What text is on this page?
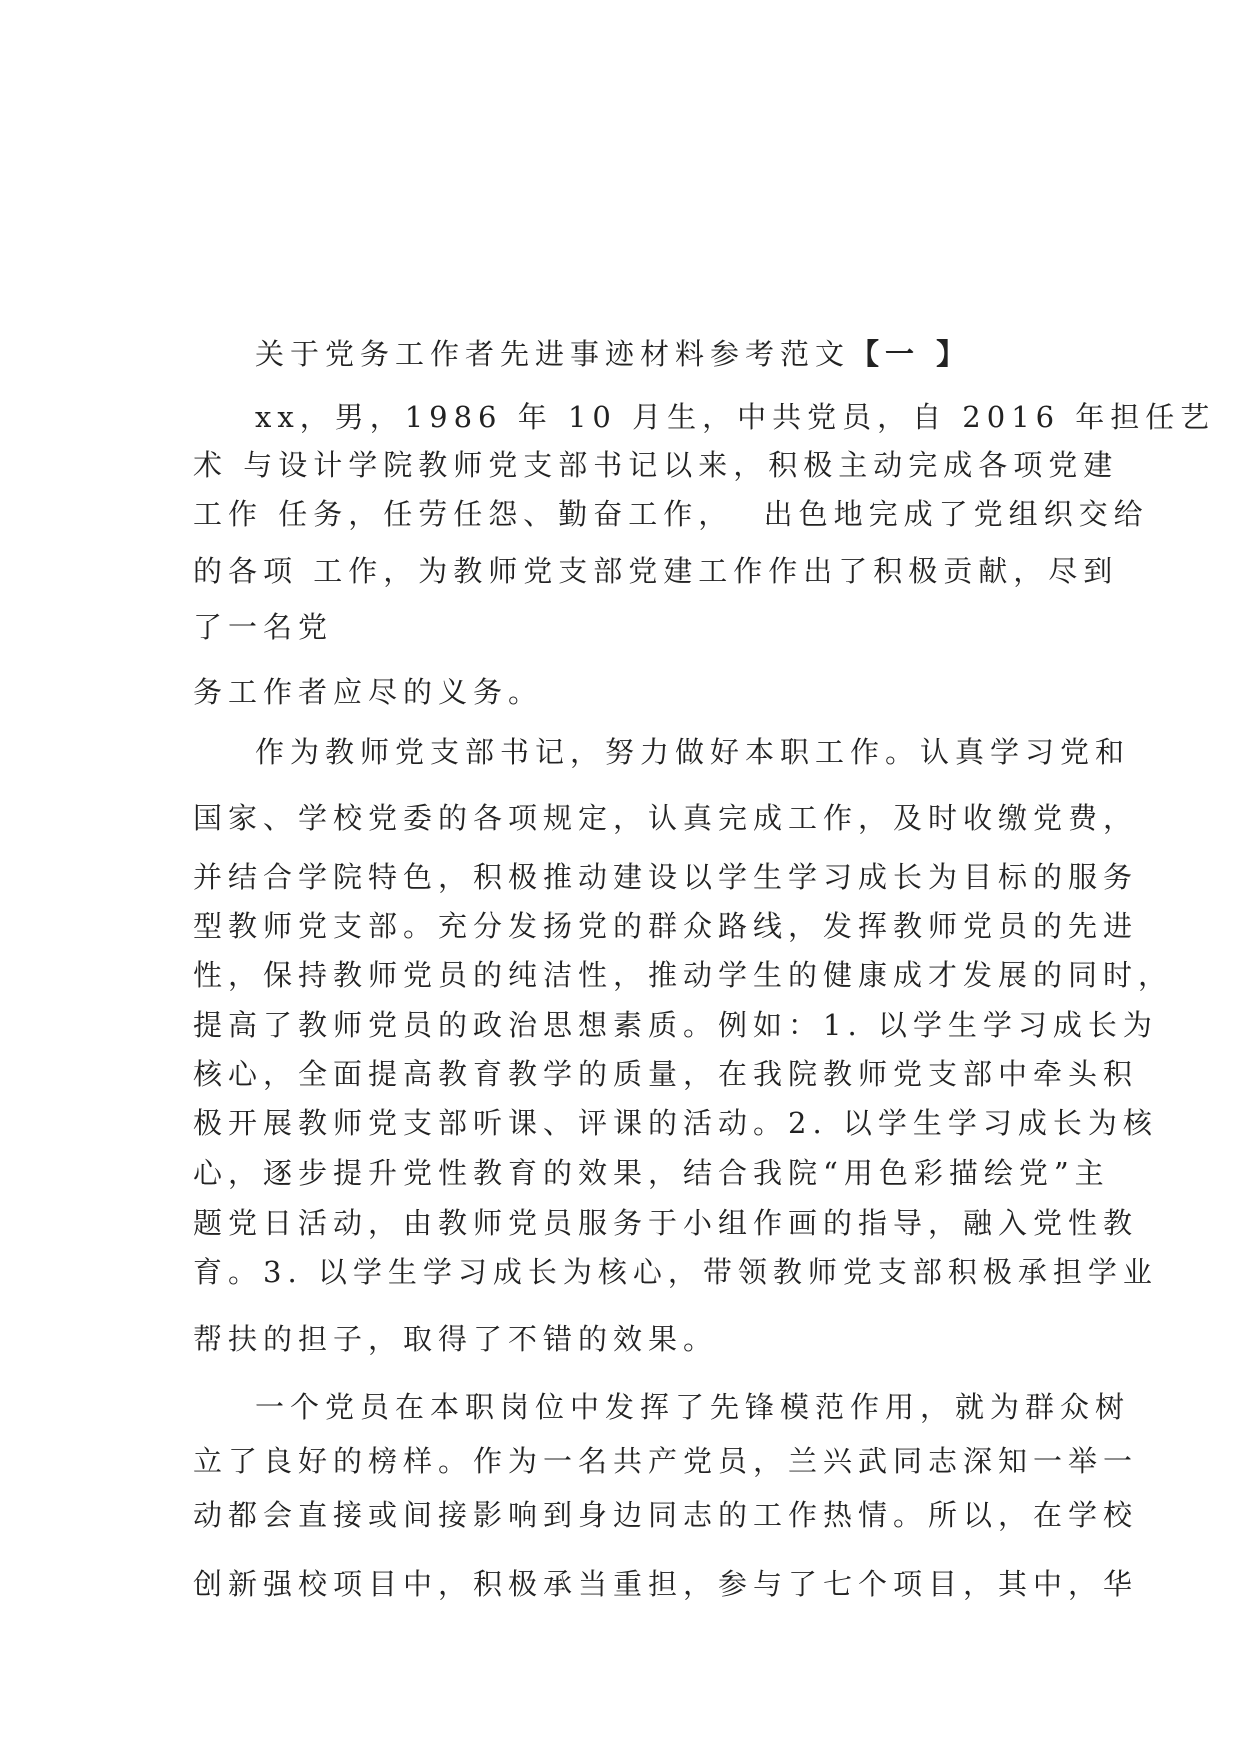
关于党务工作者先进事迹材料参考范文【一 】
xx，男，1986 年 10 月生，中共党员，自 2016 年担任艺
术 与设计学院教师党支部书记以来，积极主动完成各项党建
工作 任务，任劳任怨、勤奋工作，  出色地完成了党组织交给
的各项 工作，为教师党支部党建工作作出了积极贡献，尽到
了一名党
务工作者应尽的义务。
作为教师党支部书记，努力做好本职工作。认真学习党和
国家、学校党委的各项规定，认真完成工作，及时收缴党费，
并结合学院特色，积极推动建设以学生学习成长为目标的服务
型教师党支部。充分发扬党的群众路线，发挥教师党员的先进
性，保持教师党员的纯洁性，推动学生的健康成才发展的同时，
提高了教师党员的政治思想素质。例如：1. 以学生学习成长为
核心，全面提高教育教学的质量，在我院教师党支部中牵头积
极开展教师党支部听课、评课的活动。2. 以学生学习成长为核
心，逐步提升党性教育的效果，结合我院“用色彩描绘党”主
题党日活动，由教师党员服务于小组作画的指导，融入党性教
育。3. 以学生学习成长为核心，带领教师党支部积极承担学业
帮扶的担子，取得了不错的效果。
一个党员在本职岗位中发挥了先锋模范作用，就为群众树
立了良好的榜样。作为一名共产党员，兰兴武同志深知一举一
动都会直接或间接影响到身边同志的工作热情。所以，在学校
创新强校项目中，积极承当重担，参与了七个项目，其中，华
